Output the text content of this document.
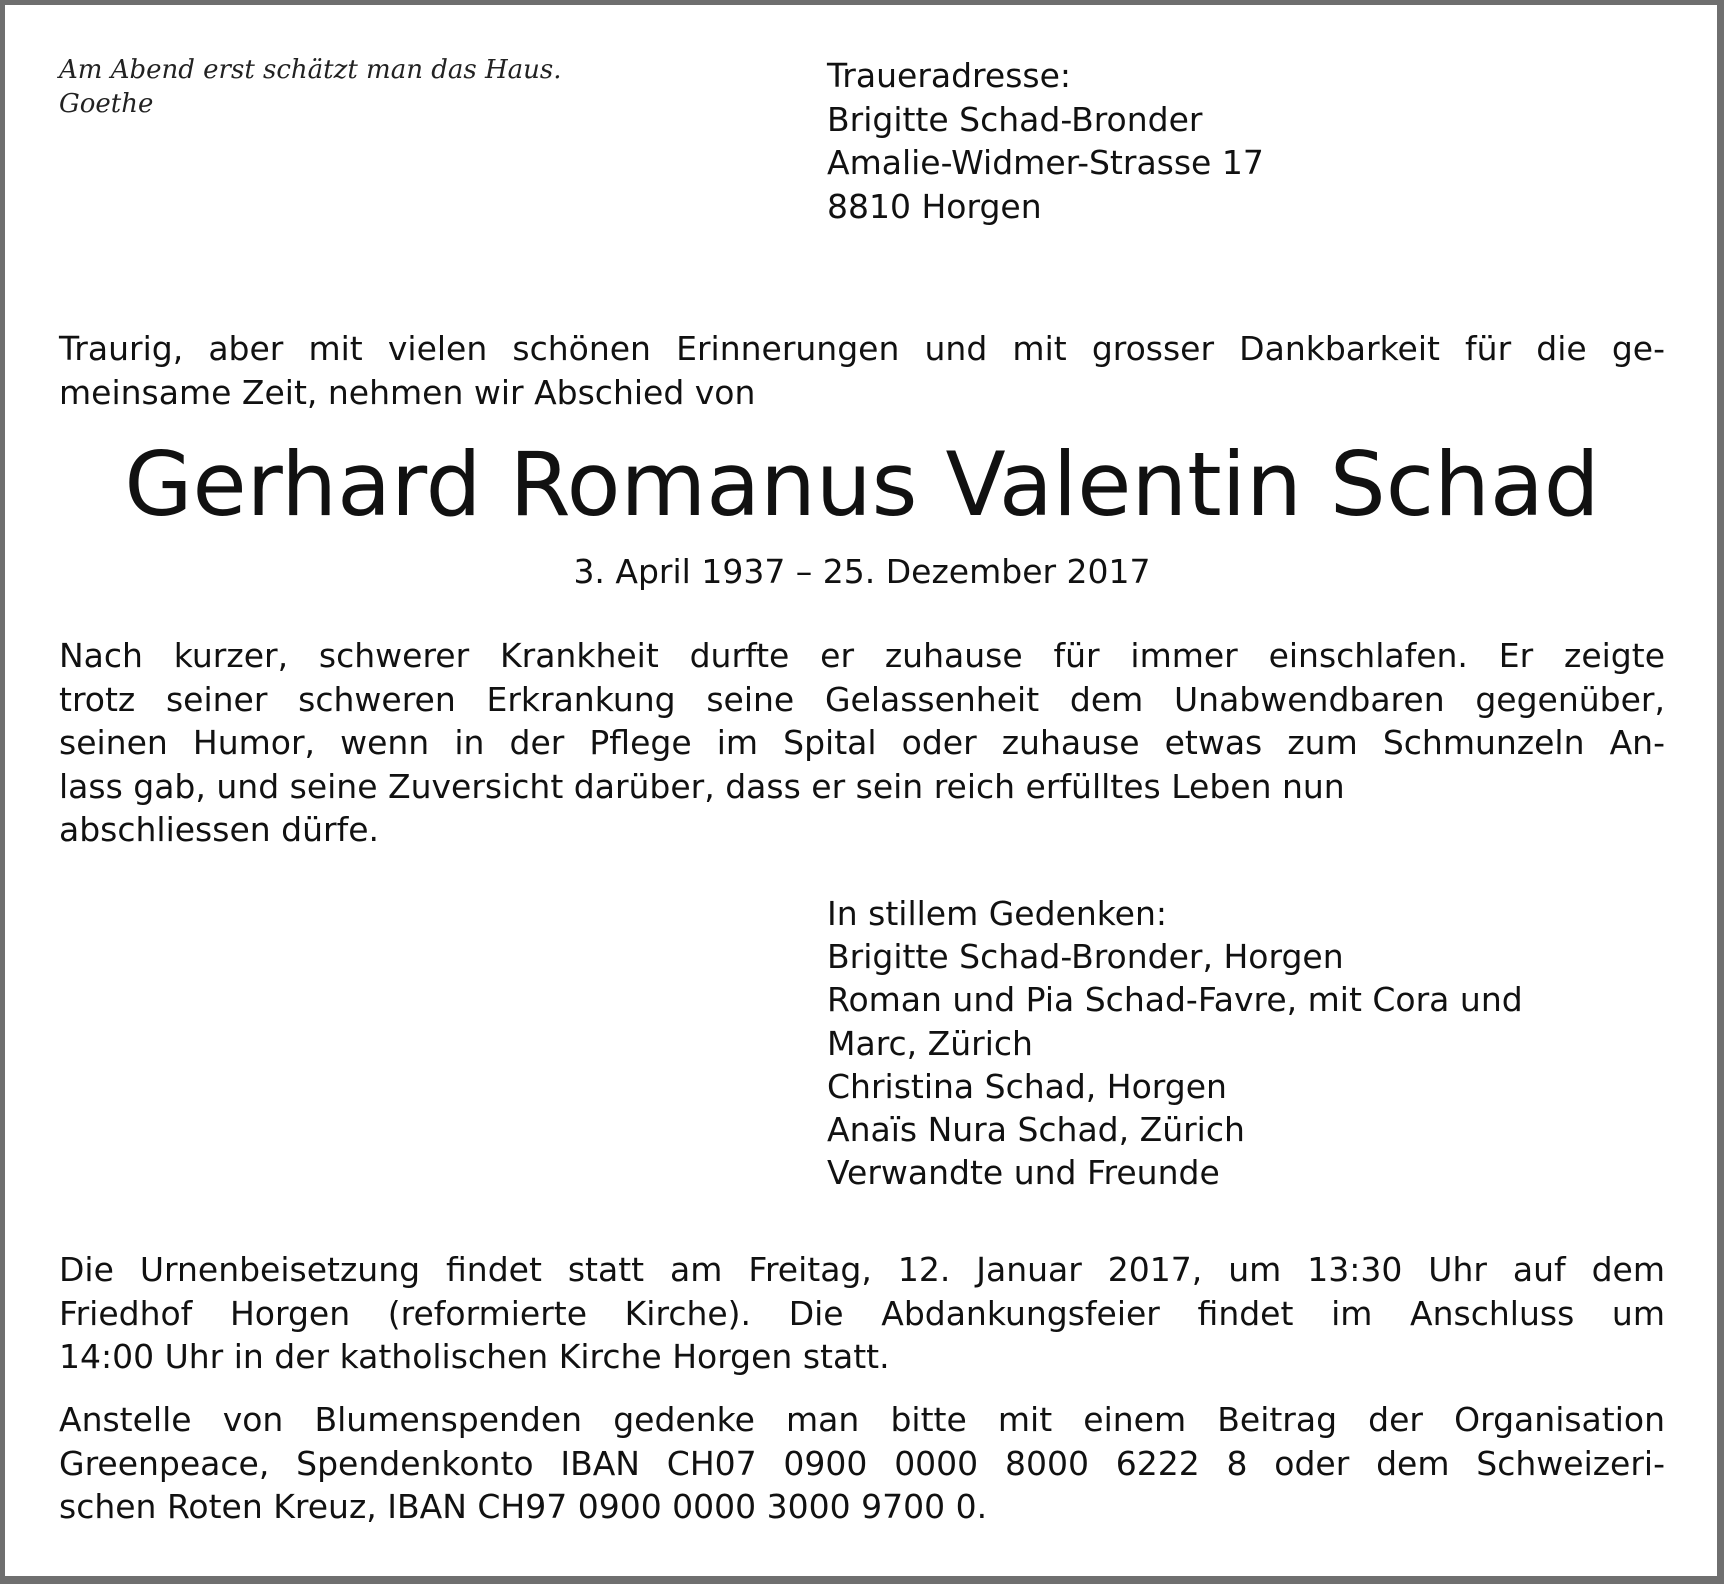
Am Abend erst schätzt man das Haus.
Goethe
Traueradresse:
Brigitte Schad-Bronder
Amalie-Widmer-Strasse 17
8810 Horgen
Traurig, aber mit vielen schönen Erinnerungen und mit grosser Dankbarkeit für die ge-
meinsame Zeit, nehmen wir Abschied von
Gerhard Romanus Valentin Schad
3. April 1937 – 25. Dezember 2017
Nach kurzer, schwerer Krankheit durfte er zuhause für immer einschlafen. Er zeigte
trotz seiner schweren Erkrankung seine Gelassenheit dem Unabwendbaren gegenüber,
seinen Humor, wenn in der Pflege im Spital oder zuhause etwas zum Schmunzeln An-
lass gab, und seine Zuversicht darüber, dass er sein reich erfülltes Leben nun
abschliessen dürfe.
In stillem Gedenken:
Brigitte Schad-Bronder, Horgen
Roman und Pia Schad-Favre, mit Cora und
Marc, Zürich
Christina Schad, Horgen
Anaïs Nura Schad, Zürich
Verwandte und Freunde
Die Urnenbeisetzung findet statt am Freitag, 12. Januar 2017, um 13:30 Uhr auf dem
Friedhof Horgen (reformierte Kirche). Die Abdankungsfeier findet im Anschluss um
14:00 Uhr in der katholischen Kirche Horgen statt.
Anstelle von Blumenspenden gedenke man bitte mit einem Beitrag der Organisation
Greenpeace, Spendenkonto IBAN CH07 0900 0000 8000 6222 8 oder dem Schweizeri-
schen Roten Kreuz, IBAN CH97 0900 0000 3000 9700 0.
